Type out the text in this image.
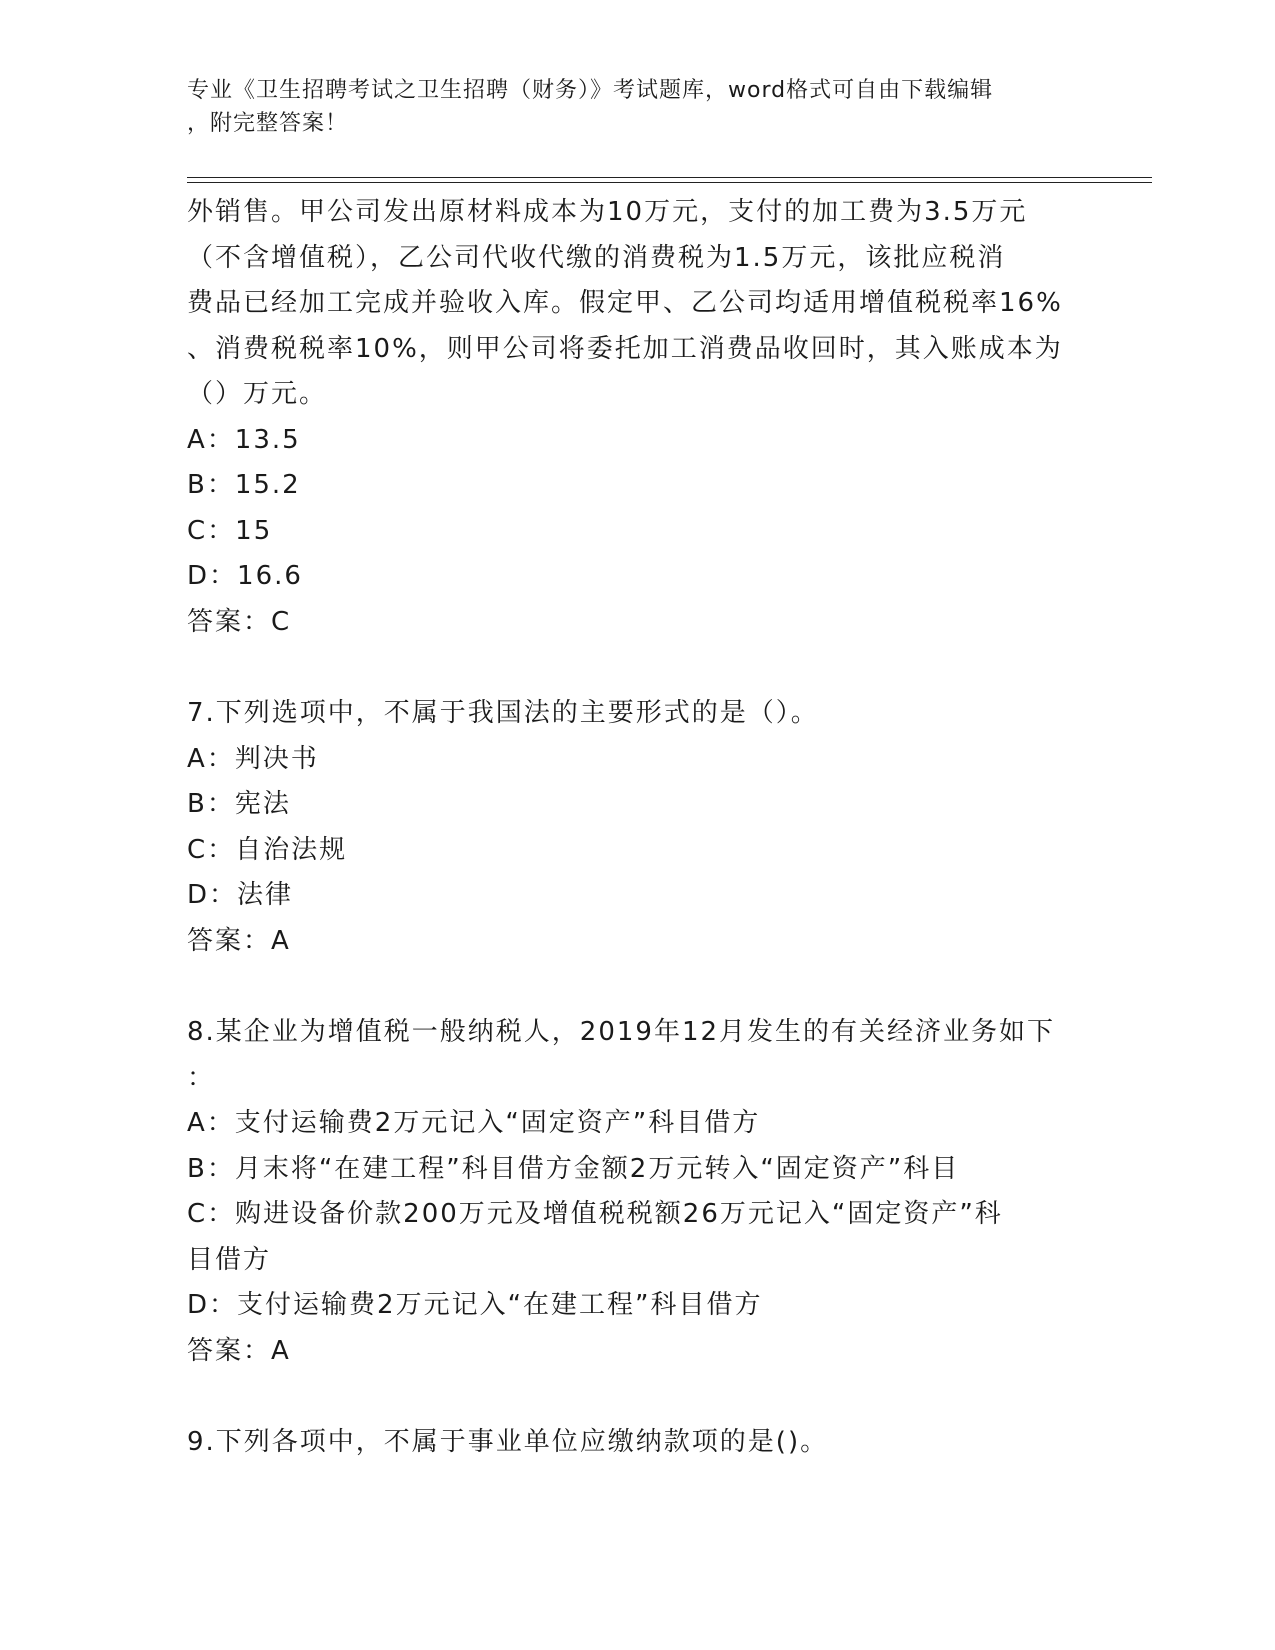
专业《卫生招聘考试之卫生招聘（财务）》考试题库，word格式可自由下载编辑
，附完整答案！
外销售。甲公司发出原材料成本为10万元，支付的加工费为3.5万元
（不含增值税），乙公司代收代缴的消费税为1.5万元，该批应税消
费品已经加工完成并验收入库。假定甲、乙公司均适用增值税税率16%
、消费税税率10%，则甲公司将委托加工消费品收回时，其入账成本为
（）万元。
A：13.5
B：15.2
C：15
D：16.6
答案：C
7.下列选项中，不属于我国法的主要形式的是（）。
A：判决书
B：宪法
C：自治法规
D：法律
答案：A
8.某企业为增值税一般纳税人，2019年12月发生的有关经济业务如下
：
A：支付运输费2万元记入“固定资产”科目借方
B：月末将“在建工程”科目借方金额2万元转入“固定资产”科目
C：购进设备价款200万元及增值税税额26万元记入“固定资产”科
目借方
D：支付运输费2万元记入“在建工程”科目借方
答案：A
9.下列各项中，不属于事业单位应缴纳款项的是()。
